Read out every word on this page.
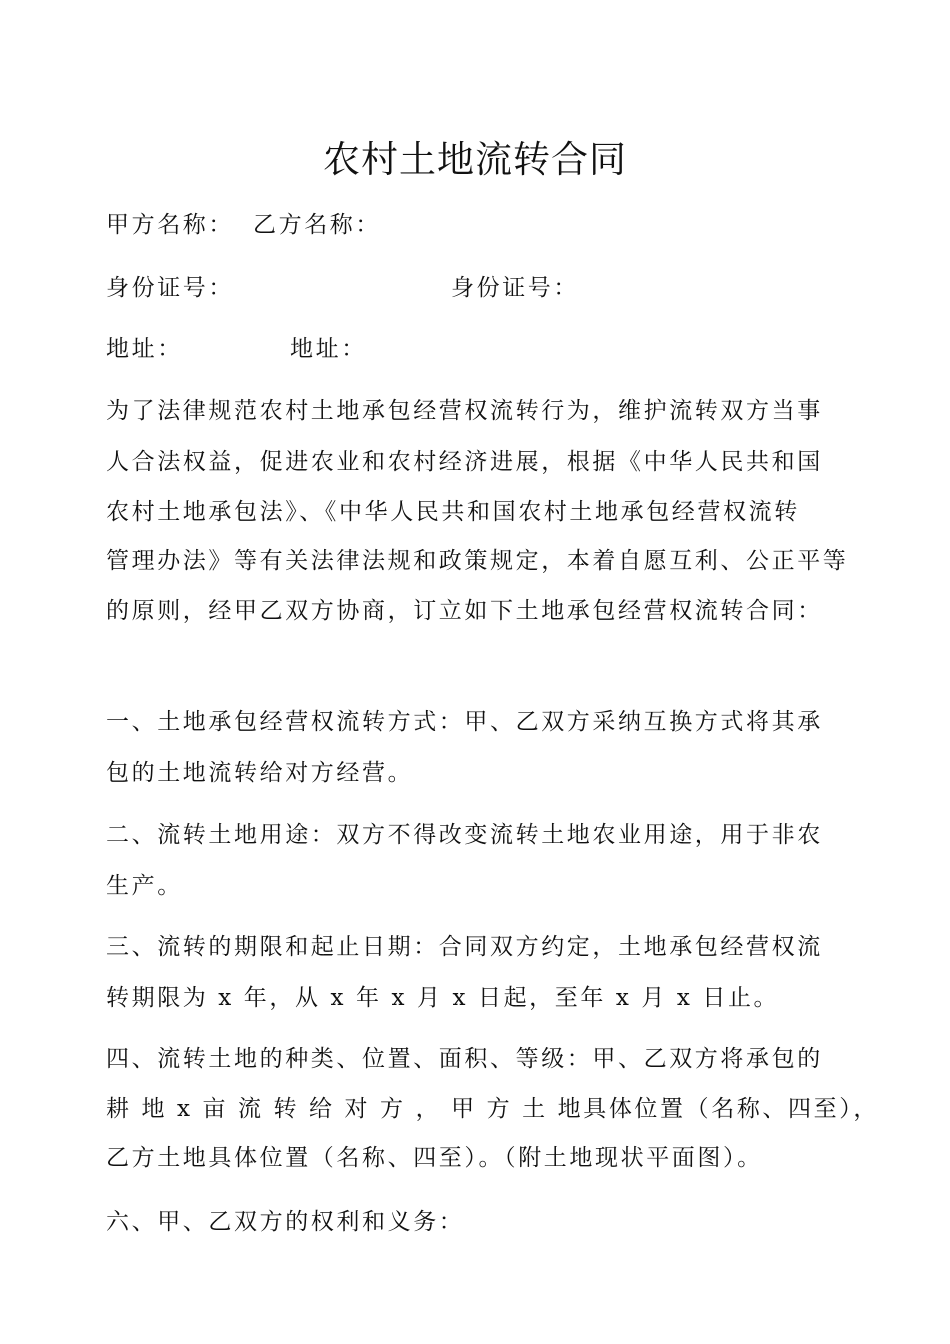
农村土地流转合同
甲方名称： 乙方名称：
身份证号：	身份证号：
地址：	地址：
为了法律规范农村土地承包经营权流转行为，维护流转双方当事
人合法权益，促进农业和农村经济进展，根据《中华人民共和国
农村土地承包法》、《中华人民共和国农村土地承包经营权流转
管理办法》等有关法律法规和政策规定，本着自愿互利、公正平等
的原则，经甲乙双方协商，订立如下土地承包经营权流转合同：
一、土地承包经营权流转方式：甲、乙双方采纳互换方式将其承
包的土地流转给对方经营。
二、流转土地用途：双方不得改变流转土地农业用途，用于非农
生产。
三、流转的期限和起止日期：合同双方约定，土地承包经营权流
转期限为 x 年，从 x 年 x 月 x 日起，至年 x 月 x 日止。
四、流转土地的种类、位置、面积、等级：甲、乙双方将承包的
耕 地 x 亩 流 转 给 对 方 ， 甲 方 土 地具体位置（名称、四至），
乙方土地具体位置（名称、四至）。（附土地现状平面图）。
六、甲、乙双方的权利和义务：
